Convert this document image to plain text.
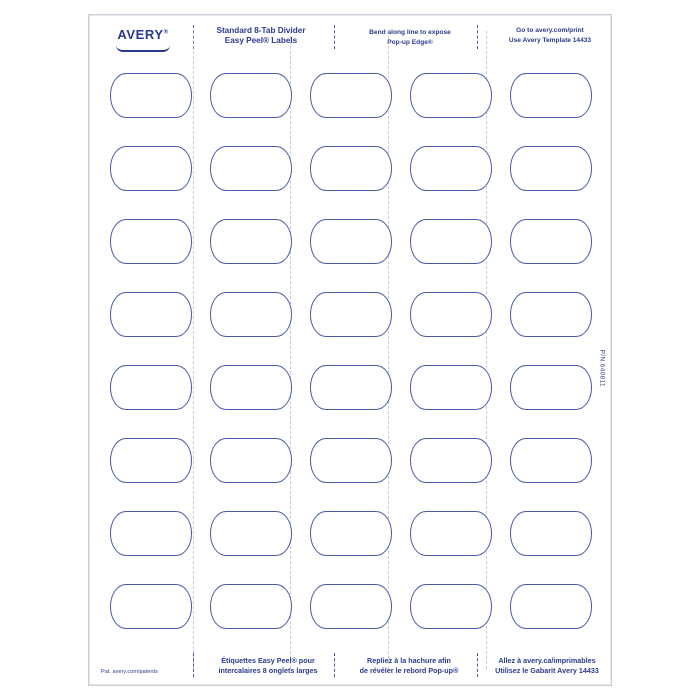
AVERY®	Standard 8-Tab Divider
Easy Peel® Labels
Bend along line to expose
Pop-up Edge®
Go to avery.com/print
Use Avery Template 14433
P/N 640811
Pat. avery.com/patents
Étiquettes Easy Peel® pour
intercalaires 8 onglets larges
Repliez à la hachure afin
de révéler le rebord Pop-up®
Allez à avery.ca/imprimables
Utilisez le Gabarit Avery 14433
